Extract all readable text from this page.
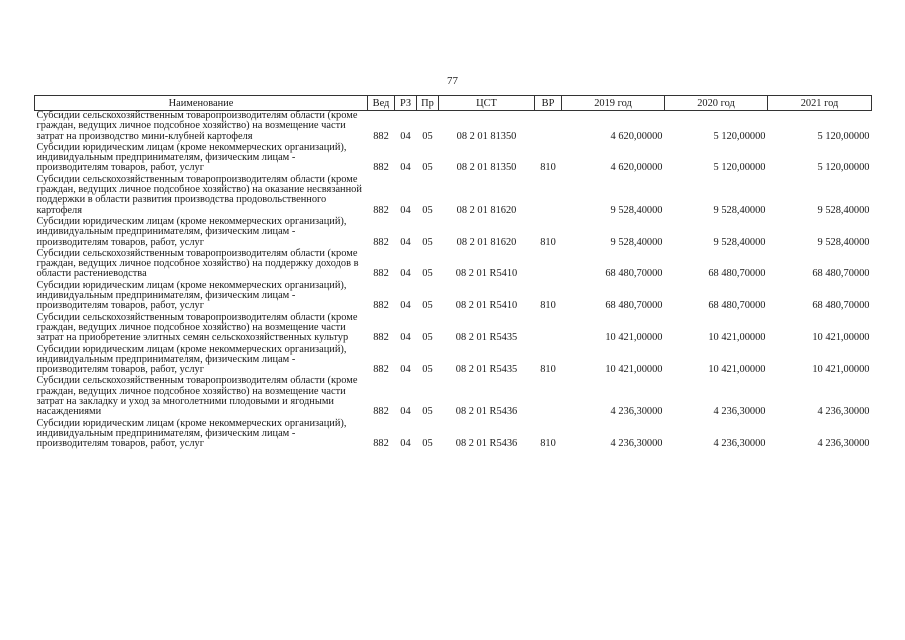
77
Наименование	Вед	РЗ	Пр	ЦСТ	ВР	2019 год	2020 год	2021 год
Субсидии сельскохозяйственным товаропроизводителям области (кроме граждан, ведущих личное подсобное хозяйство) на возмещение части затрат на производство мини-клубней картофеля	882	04	05	08 2 01 81350		4 620,00000	5 120,00000	5 120,00000
Субсидии юридическим лицам (кроме некоммерческих организаций), индивидуальным предпринимателям, физическим лицам - производителям товаров, работ, услуг	882	04	05	08 2 01 81350	810	4 620,00000	5 120,00000	5 120,00000
Субсидии сельскохозяйственным товаропроизводителям области (кроме граждан, ведущих личное подсобное хозяйство) на оказание несвязанной поддержки в области развития производства продовольственного картофеля	882	04	05	08 2 01 81620		9 528,40000	9 528,40000	9 528,40000
Субсидии юридическим лицам (кроме некоммерческих организаций), индивидуальным предпринимателям, физическим лицам - производителям товаров, работ, услуг	882	04	05	08 2 01 81620	810	9 528,40000	9 528,40000	9 528,40000
Субсидии сельскохозяйственным товаропроизводителям области (кроме граждан, ведущих личное подсобное хозяйство) на поддержку доходов в области растениеводства	882	04	05	08 2 01 R5410		68 480,70000	68 480,70000	68 480,70000
Субсидии юридическим лицам (кроме некоммерческих организаций), индивидуальным предпринимателям, физическим лицам - производителям товаров, работ, услуг	882	04	05	08 2 01 R5410	810	68 480,70000	68 480,70000	68 480,70000
Субсидии сельскохозяйственным товаропроизводителям области (кроме граждан, ведущих личное подсобное хозяйство) на возмещение части затрат на приобретение элитных семян сельскохозяйственных культур	882	04	05	08 2 01 R5435		10 421,00000	10 421,00000	10 421,00000
Субсидии юридическим лицам (кроме некоммерческих организаций), индивидуальным предпринимателям, физическим лицам - производителям товаров, работ, услуг	882	04	05	08 2 01 R5435	810	10 421,00000	10 421,00000	10 421,00000
Субсидии сельскохозяйственным товаропроизводителям области (кроме граждан, ведущих личное подсобное хозяйство) на возмещение части затрат на закладку и уход за многолетними плодовыми и ягодными насаждениями	882	04	05	08 2 01 R5436		4 236,30000	4 236,30000	4 236,30000
Субсидии юридическим лицам (кроме некоммерческих организаций), индивидуальным предпринимателям, физическим лицам - производителям товаров, работ, услуг	882	04	05	08 2 01 R5436	810	4 236,30000	4 236,30000	4 236,30000
